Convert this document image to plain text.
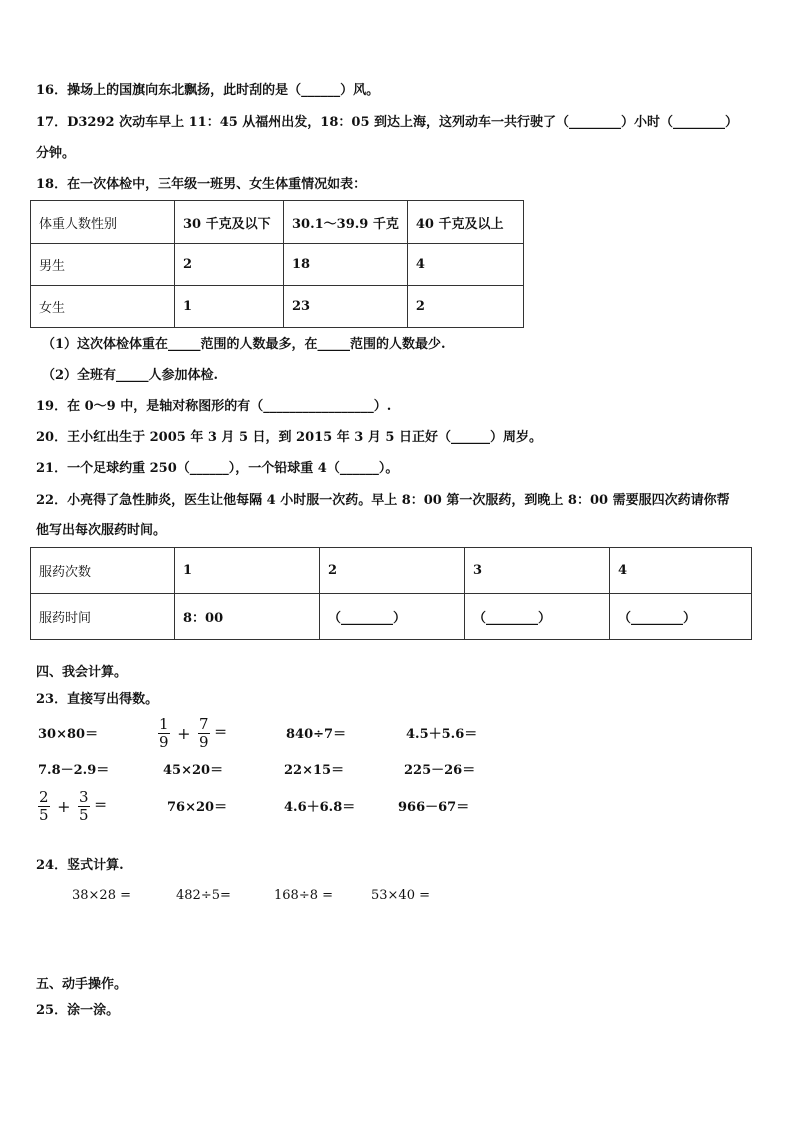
16．操场上的国旗向东北飘扬，此时刮的是（______）风。
17．D3292 次动车早上 11：45 从福州出发，18：05 到达上海，这列动车一共行驶了（________）小时（________）
分钟。
18．在一次体检中，三年级一班男、女生体重情况如表：
体重人数性别	30 千克及以下	30.1～39.9 千克	40 千克及以上
男生	2	18	4
女生	1	23	2
（1）这次体检体重在_____范围的人数最多，在_____范围的人数最少.
（2）全班有_____人参加体检.
19．在 0～9 中，是轴对称图形的有（_________________）.
20．王小红出生于 2005 年 3 月 5 日，到 2015 年 3 月 5 日正好（______）周岁。
21．一个足球约重 250（______），一个铅球重 4（______）。
22．小亮得了急性肺炎，医生让他每隔 4 小时服一次药。早上 8：00 第一次服药，到晚上 8：00 需要服四次药请你帮
他写出每次服药时间。
服药次数	1	2	3	4
服药时间	8：00	（________）	（________）	（________）
四、我会计算。
23．直接写出得数。
30×80＝	$\frac{1}{9} + \frac{7}{9}$ ＝	840÷7＝	4.5＋5.6＝
7.8－2.9＝	45×20＝	22×15＝	225－26＝
$\frac{2}{5} + \frac{3}{5}$ ＝	76×20＝	4.6＋6.8＝	966－67＝
24．竖式计算.
38×28 =	482÷5=	168÷8 =	53×40 =
五、动手操作。
25．涂一涂。
